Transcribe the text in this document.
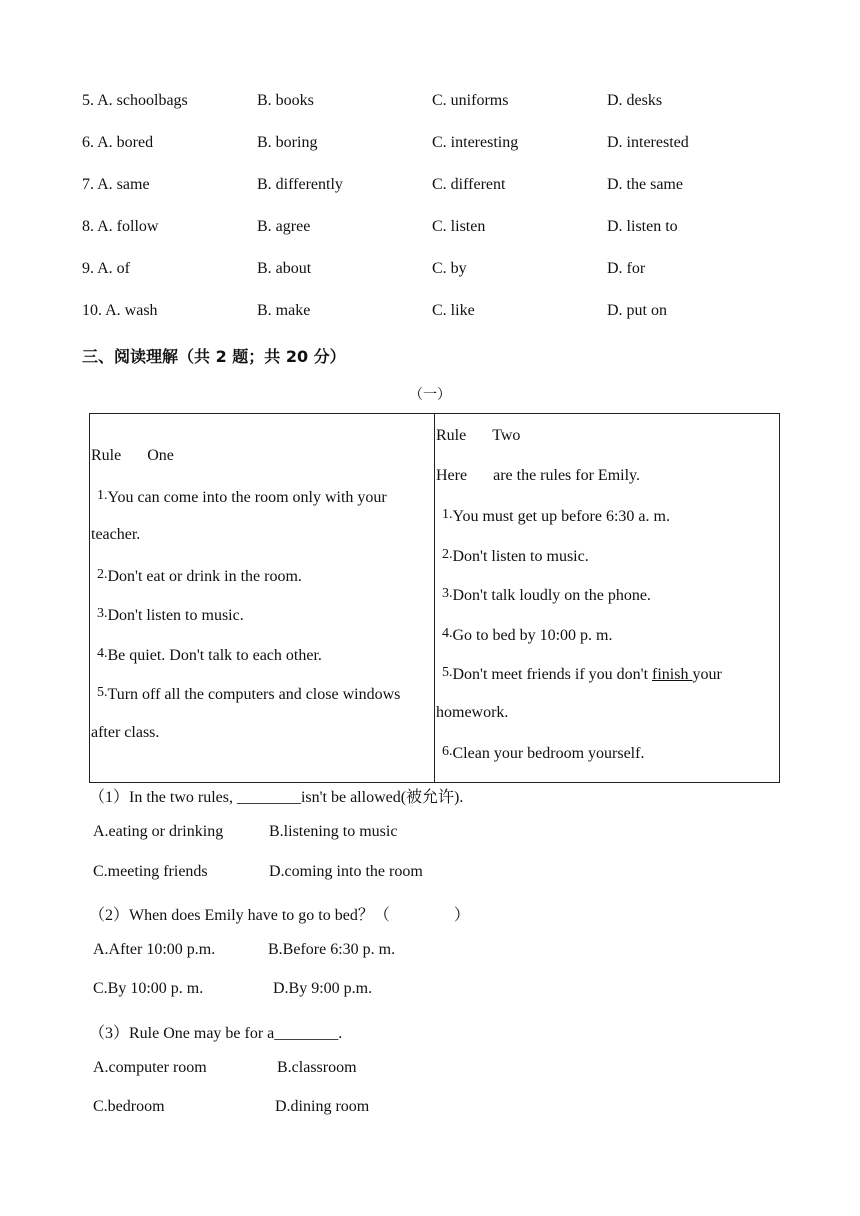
5. A. schoolbags	B. books	C. uniforms	D. desks
6. A. bored	B. boring	C. interesting	D. interested
7. A. same	B. differently	C. different	D. the same
8. A. follow	B. agree	C. listen	D. listen to
9. A. of	B. about	C. by	D. for
10. A. wash	B. make	C. like	D. put on
三、阅读理解（共 2 题；共 20 分）
（一）
Rule One
1.You can come into the room only with your
teacher.
2.Don't eat or drink in the room.
3.Don't listen to music.
4.Be quiet. Don't talk to each other.
5.Turn off all the computers and close windows
after class.

Rule Two
Here are the rules for Emily.
1.You must get up before 6:30 a. m.
2.Don't listen to music.
3.Don't talk loudly on the phone.
4.Go to bed by 10:00 p. m.
5.Don't meet friends if you don't finish your
homework.
6.Clean your bedroom yourself.
（1）In the two rules, ________isn't be allowed(被允许).
A.eating or drinking	B.listening to music
C.meeting friends	D.coming into the room
（2）When does Emily have to go to bed？（　　　　）
A.After 10:00 p.m.	B.Before 6:30 p. m.
C.By 10:00 p. m.	D.By 9:00 p.m.
（3）Rule One may be for a________.
A.computer room	B.classroom
C.bedroom	D.dining room
